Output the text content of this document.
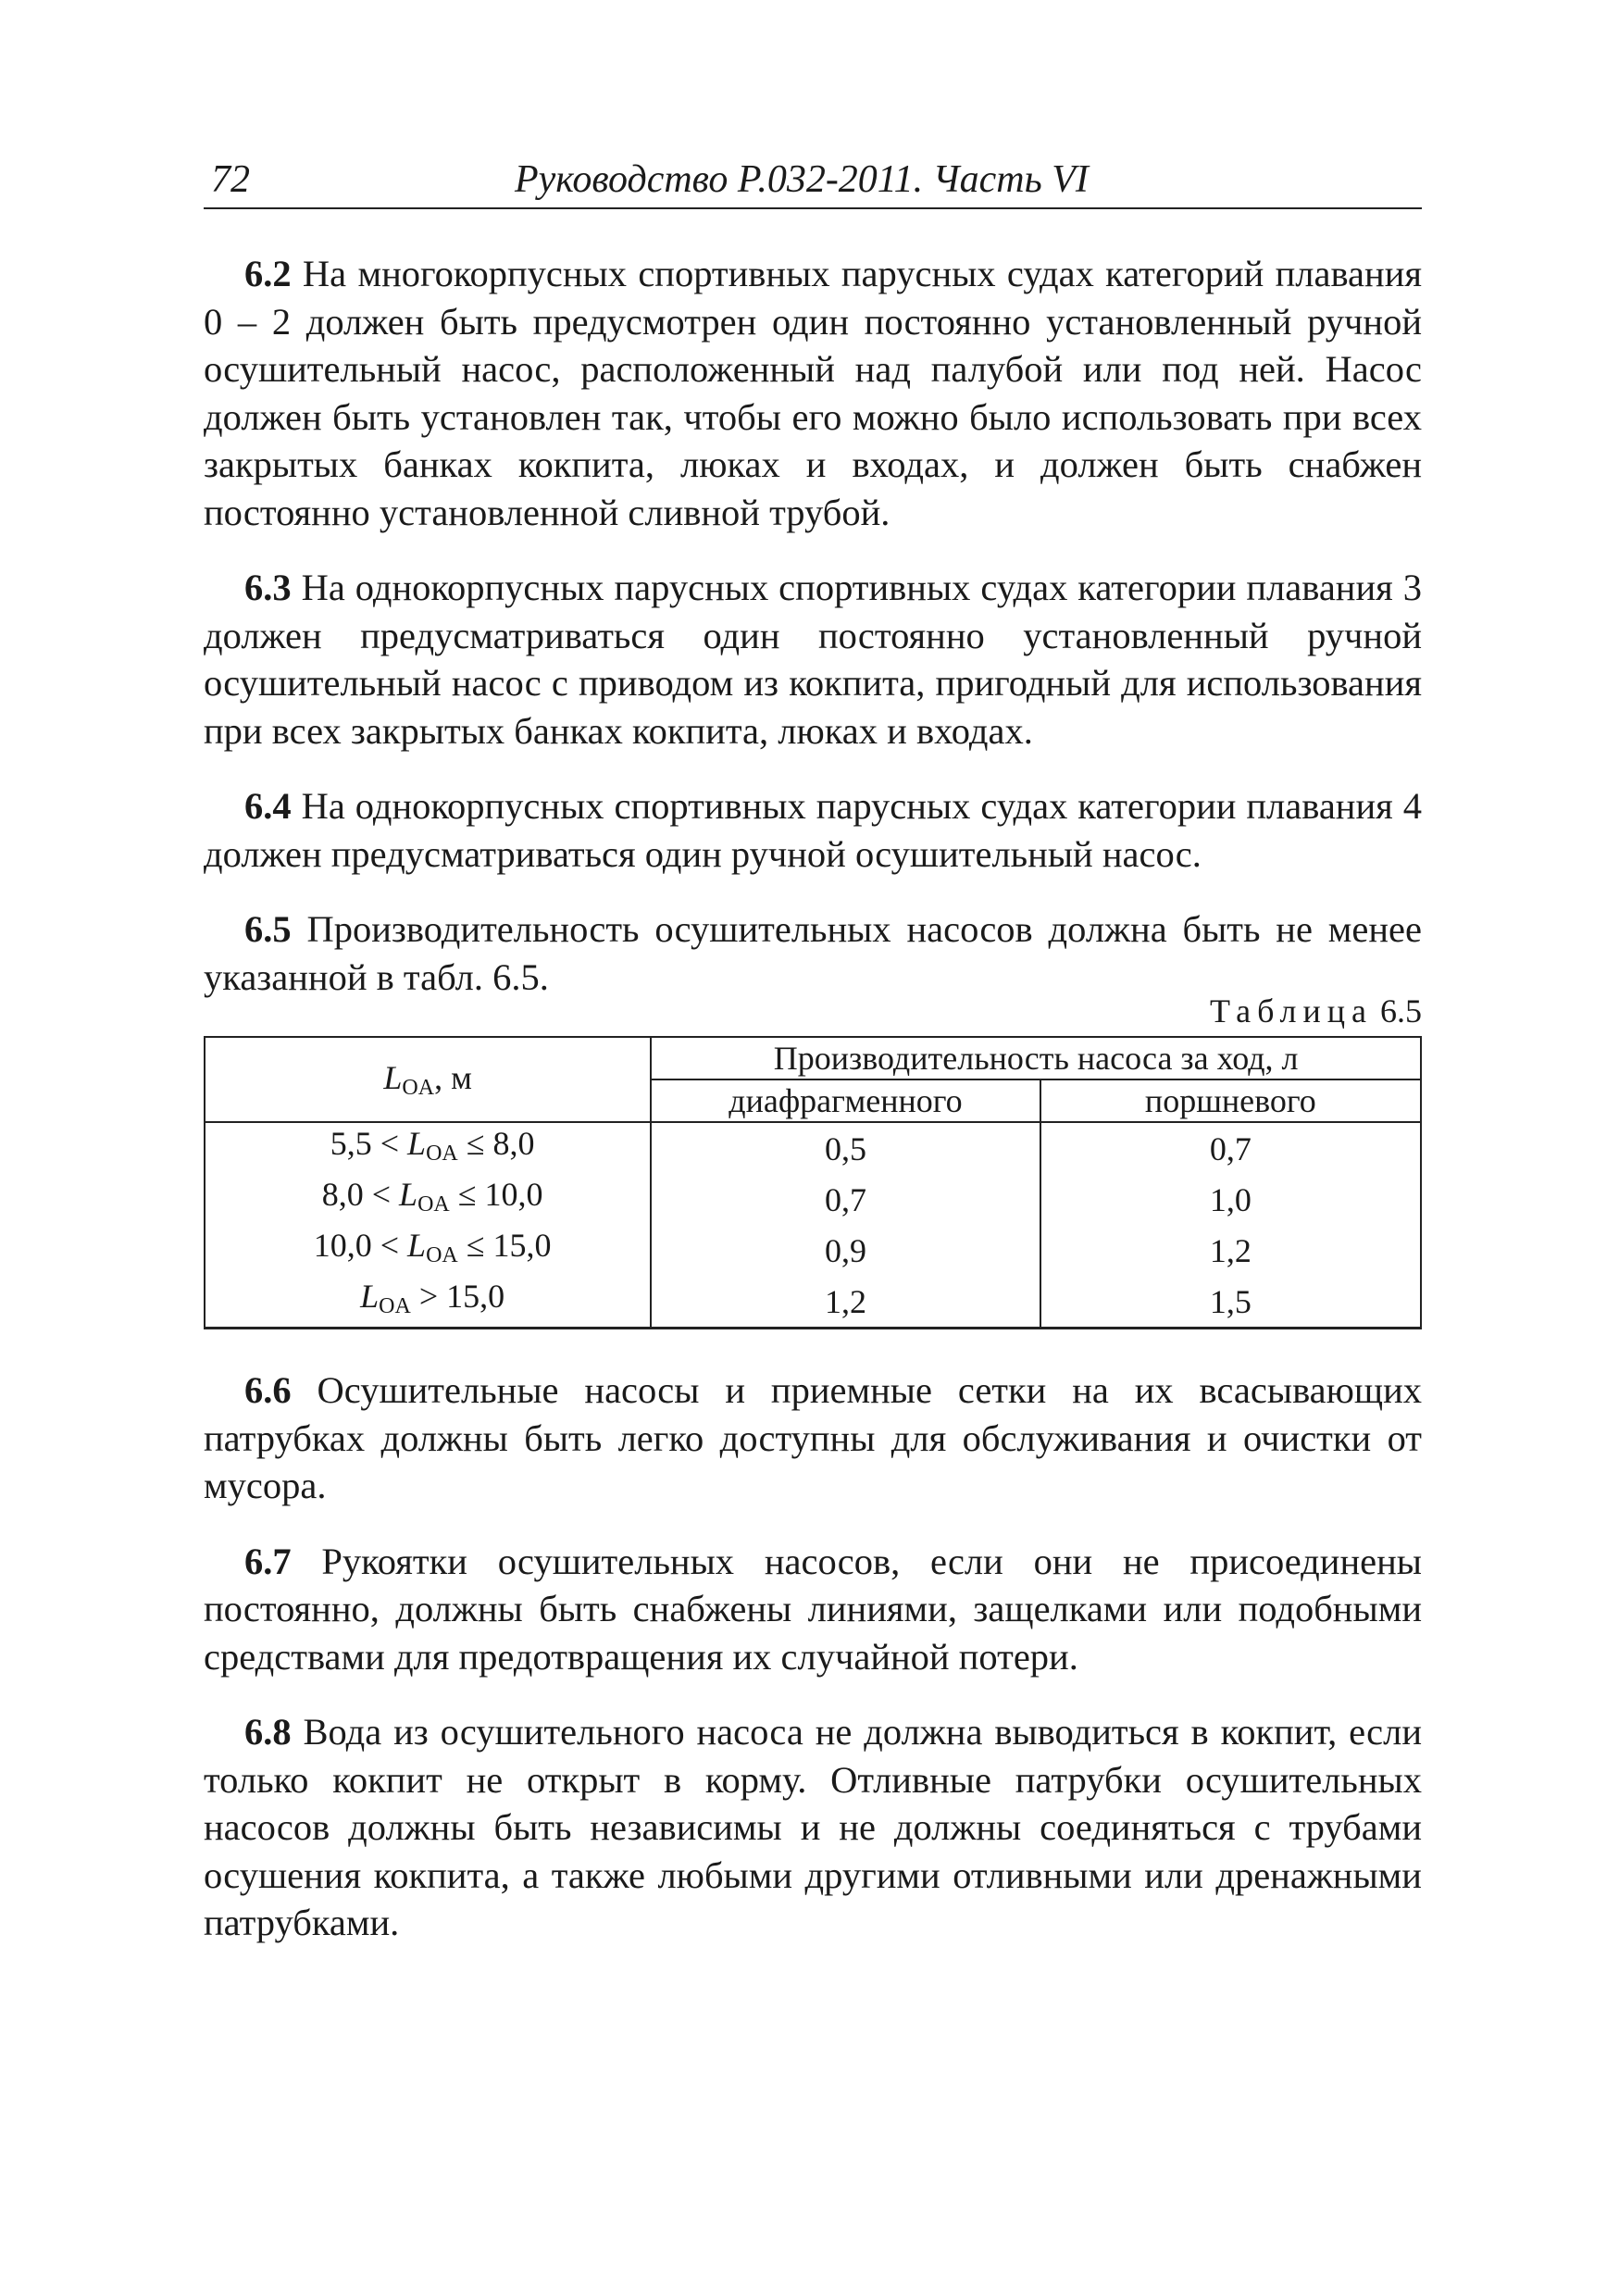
72	Руководство Р.032-2011. Часть VI

6.2 На многокорпусных спортивных парусных судах категорий плавания 0 – 2 должен быть предусмотрен один постоянно установленный ручной осушительный насос, расположенный над палубой или под ней. Насос должен быть установлен так, чтобы его можно было использовать при всех закрытых банках кокпита, люках и входах, и должен быть снабжен постоянно установленной сливной трубой.

6.3 На однокорпусных парусных спортивных судах категории плавания 3 должен предусматриваться один постоянно установленный ручной осушительный насос с приводом из кокпита, пригодный для использования при всех закрытых банках кокпита, люках и входах.

6.4 На однокорпусных спортивных парусных судах категории плавания 4 должен предусматриваться один ручной осушительный насос.

6.5 Производительность осушительных насосов должна быть не менее указанной в табл. 6.5.

Таблица 6.5
$L_{OA}$, м	Производительность насоса за ход, л	
	диафрагменного	поршневого
$5,5 < L_{OA} \le 8,0$	0,5	0,7
$8,0 < L_{OA} \le 10,0$	0,7	1,0
$10,0 < L_{OA} \le 15,0$	0,9	1,2
$L_{OA} > 15,0$	1,2	1,5

6.6 Осушительные насосы и приемные сетки на их всасывающих патрубках должны быть легко доступны для обслуживания и очистки от мусора.

6.7 Рукоятки осушительных насосов, если они не присоединены постоянно, должны быть снабжены линиями, защелками или подобными средствами для предотвращения их случайной потери.

6.8 Вода из осушительного насоса не должна выводиться в кокпит, если только кокпит не открыт в корму. Отливные патрубки осушительных насосов должны быть независимы и не должны соединяться с трубами осушения кокпита, а также любыми другими отливными или дренажными патрубками.
